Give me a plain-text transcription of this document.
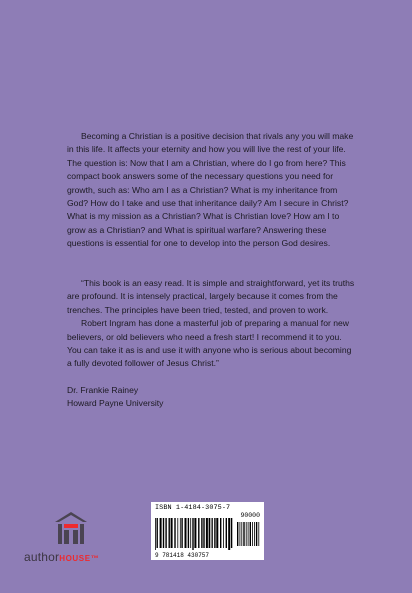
Becoming a Christian is a positive decision that rivals any you will make in this life. It affects your eternity and how you will live the rest of your life. The question is: Now that I am a Christian, where do I go from here? This compact book answers some of the necessary questions you need for growth, such as: Who am I as a Christian? What is my inheritance from God? How do I take and use that inheritance daily? Am I secure in Christ? What is my mission as a Christian? What is Christian love? How am I to grow as a Christian? and What is spiritual warfare? Answering these questions is essential for one to develop into the person God desires.

“This book is an easy read. It is simple and straightforward, yet its truths are profound. It is intensely practical, largely because it comes from the trenches. The principles have been tried, tested, and proven to work.

Robert Ingram has done a masterful job of preparing a manual for new believers, or old believers who need a fresh start! I recommend it to you. You can take it as is and use it with anyone who is serious about becoming a fully devoted follower of Jesus Christ.”

Dr. Frankie Rainey
Howard Payne University
authorHOUSE™
ISBN 1-4184-3075-7
90000
9 781418 430757
